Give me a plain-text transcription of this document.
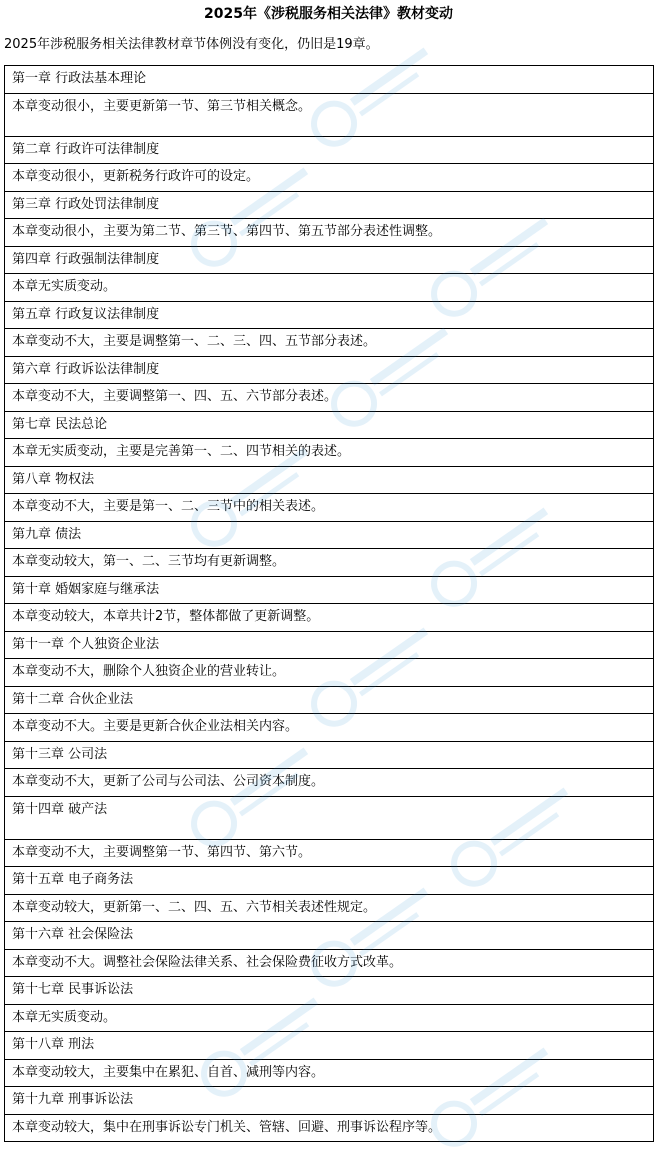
2025年《涉税服务相关法律》教材变动
2025年涉税服务相关法律教材章节体例没有变化，仍旧是19章。
第一章 行政法基本理论
本章变动很小，主要更新第一节、第三节相关概念。
第二章 行政许可法律制度
本章变动很小，更新税务行政许可的设定。
第三章 行政处罚法律制度
本章变动很小，主要为第二节、第三节、第四节、第五节部分表述性调整。
第四章 行政强制法律制度
本章无实质变动。
第五章 行政复议法律制度
本章变动不大，主要是调整第一、二、三、四、五节部分表述。
第六章 行政诉讼法律制度
本章变动不大，主要调整第一、四、五、六节部分表述。
第七章 民法总论
本章无实质变动，主要是完善第一、二、四节相关的表述。
第八章 物权法
本章变动不大，主要是第一、二、三节中的相关表述。
第九章 债法
本章变动较大，第一、二、三节均有更新调整。
第十章 婚姻家庭与继承法
本章变动较大，本章共计2节，整体都做了更新调整。
第十一章 个人独资企业法
本章变动不大，删除个人独资企业的营业转让。
第十二章 合伙企业法
本章变动不大。主要是更新合伙企业法相关内容。
第十三章 公司法
本章变动不大，更新了公司与公司法、公司资本制度。
第十四章 破产法
本章变动不大，主要调整第一节、第四节、第六节。
第十五章 电子商务法
本章变动较大，更新第一、二、四、五、六节相关表述性规定。
第十六章 社会保险法
本章变动不大。调整社会保险法律关系、社会保险费征收方式改革。
第十七章 民事诉讼法
本章无实质变动。
第十八章 刑法
本章变动较大，主要集中在累犯、自首、减刑等内容。
第十九章 刑事诉讼法
本章变动较大，集中在刑事诉讼专门机关、管辖、回避、刑事诉讼程序等。
